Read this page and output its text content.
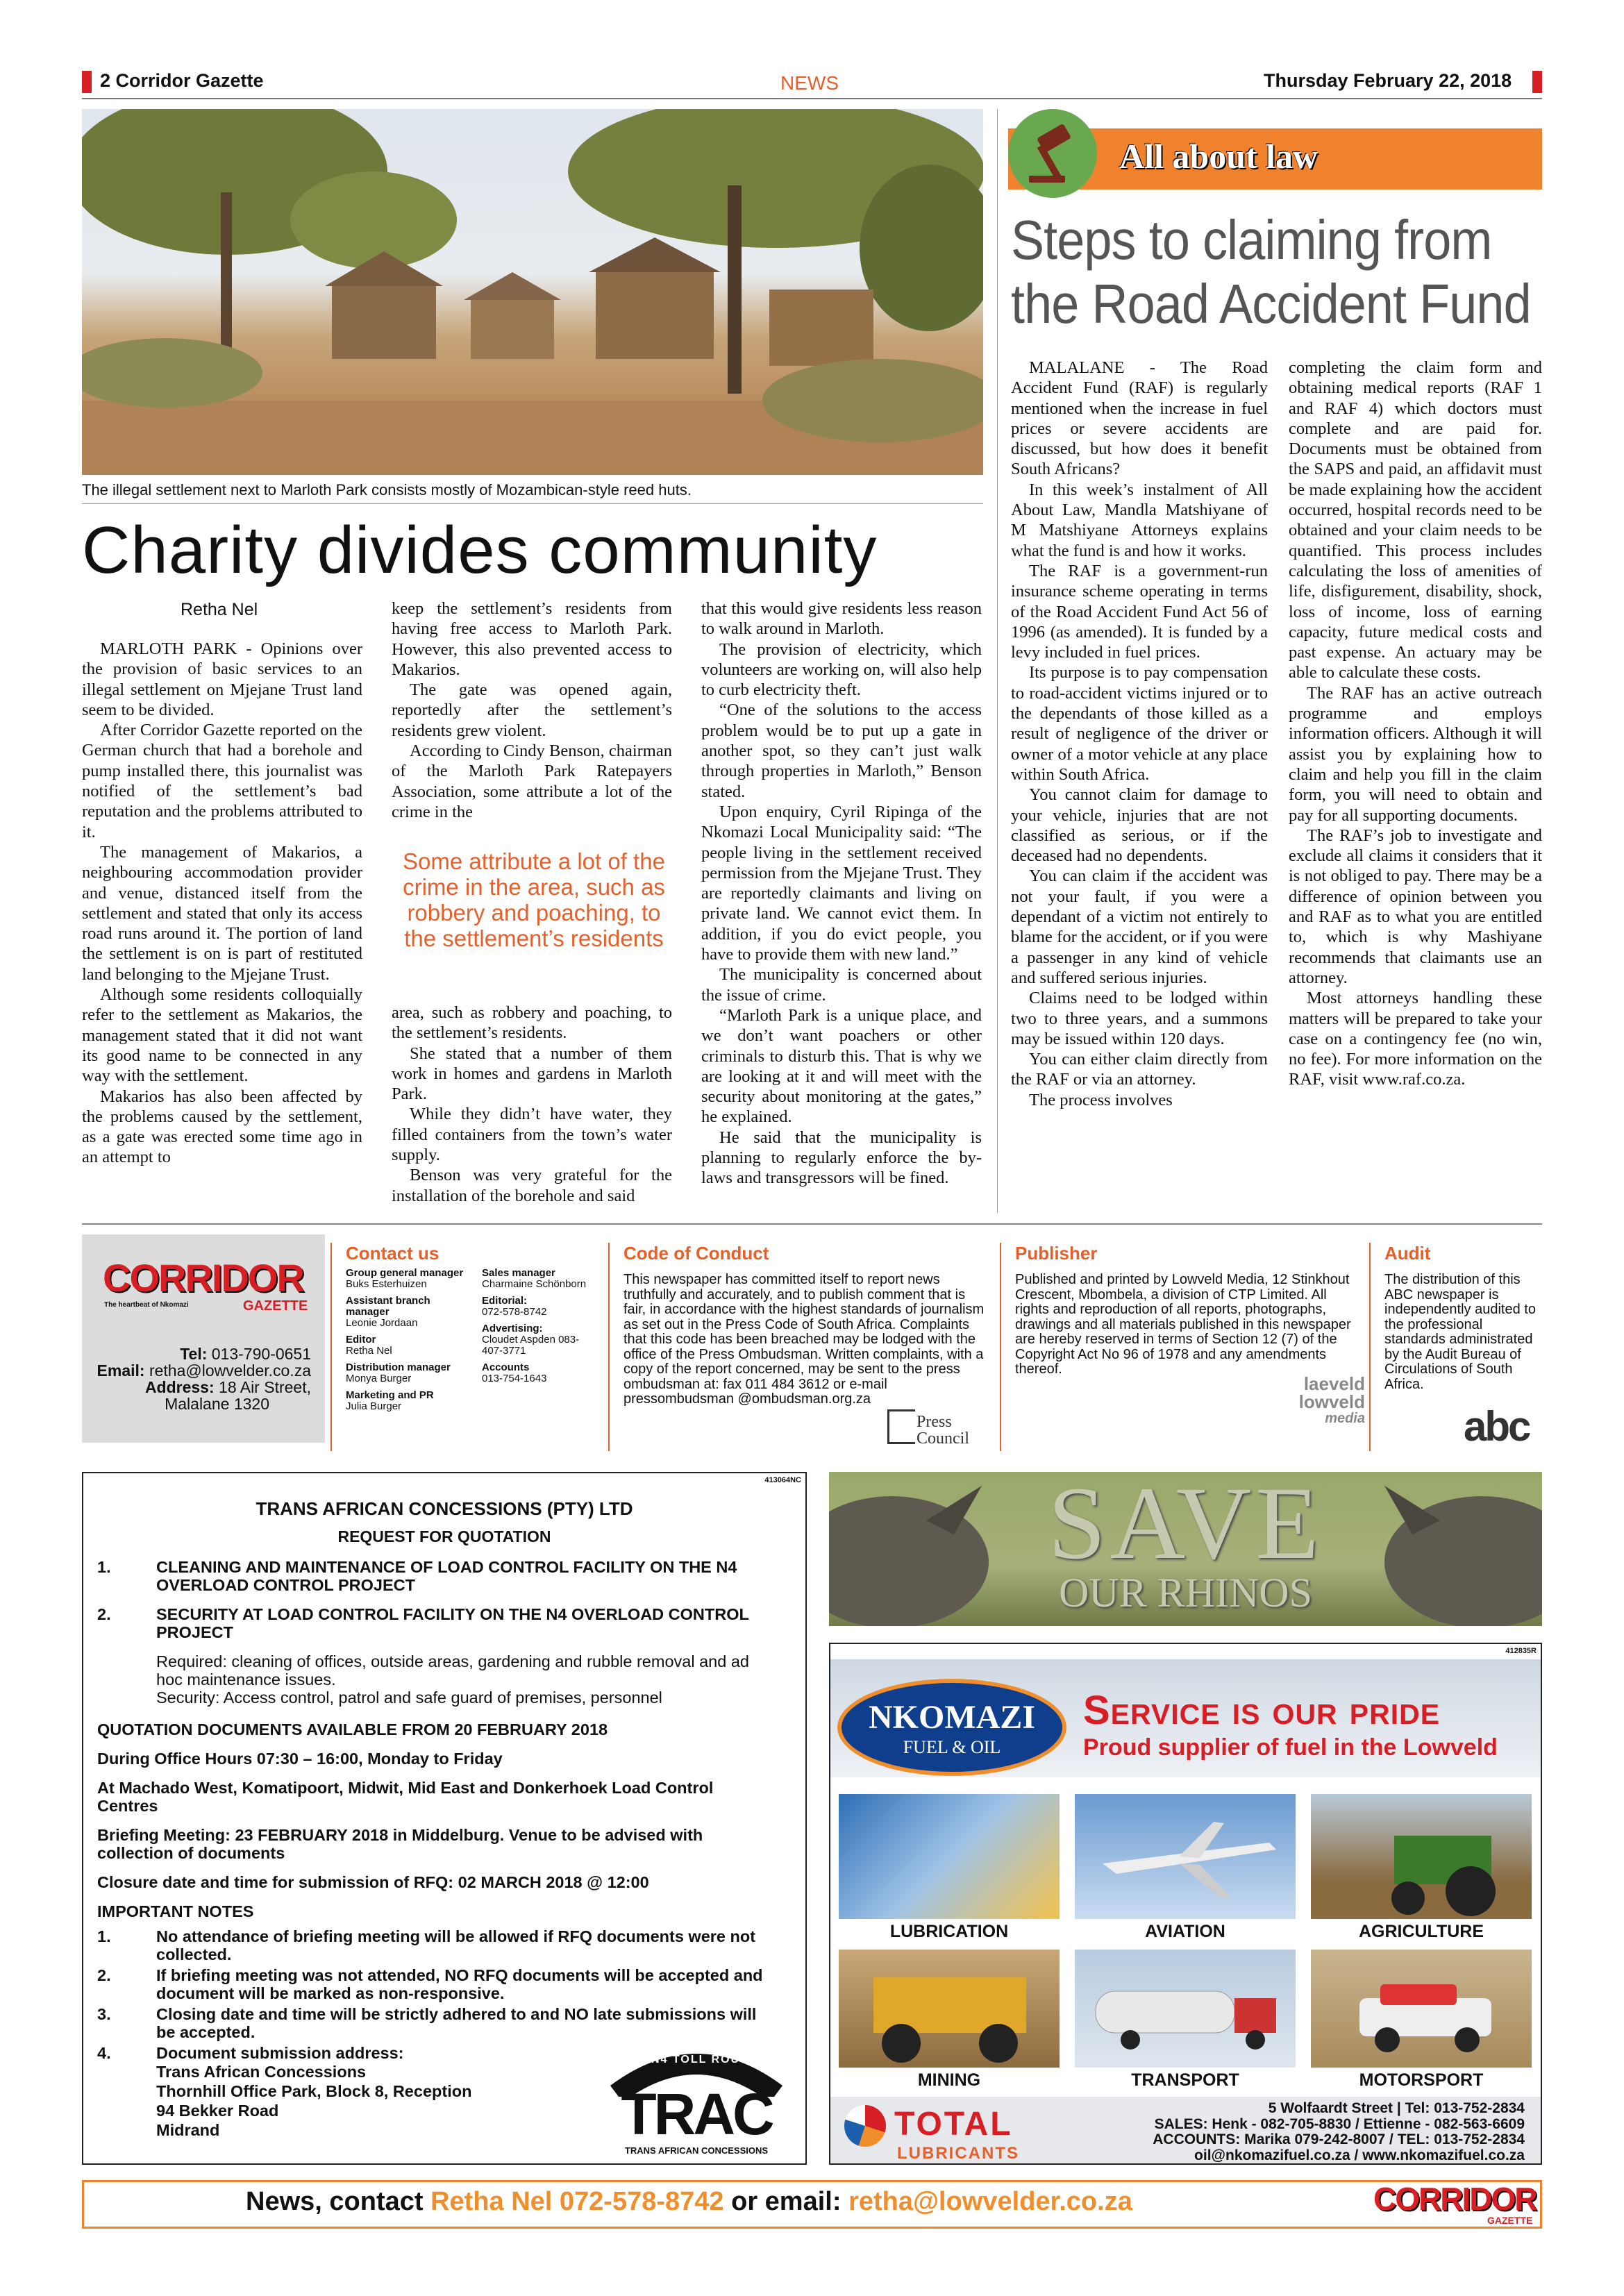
2 Corridor Gazette	NEWS	Thursday February 22, 2018
The illegal settlement next to Marloth Park consists mostly of Mozambican-style reed huts.
Charity divides community
Retha Nel

MARLOTH PARK - Opinions over the provision of basic services to an illegal settlement on Mjejane Trust land seem to be divided.

After Corridor Gazette reported on the German church that had a borehole and pump installed there, this journalist was notified of the settlement’s bad reputation and the problems attributed to it.

The management of Makarios, a neighbouring accommodation provider and venue, distanced itself from the settlement and stated that only its access road runs around it. The portion of land the settlement is on is part of restituted land belonging to the Mjejane Trust.

Although some residents colloquially refer to the settlement as Makarios, the management stated that it did not want its good name to be connected in any way with the settlement.

Makarios has also been affected by the problems caused by the settlement, as a gate was erected some time ago in an attempt to

keep the settlement’s residents from having free access to Marloth Park. However, this also prevented access to Makarios.

The gate was opened again, reportedly after the settlement’s residents grew violent.

According to Cindy Benson, chairman of the Marloth Park Ratepayers Association, some attribute a lot of the crime in the

Some attribute a lot of the crime in the area, such as robbery and poaching, to the settlement’s residents

area, such as robbery and poaching, to the settlement’s residents.

She stated that a number of them work in homes and gardens in Marloth Park.

While they didn’t have water, they filled containers from the town’s water supply.

Benson was very grateful for the installation of the borehole and said

that this would give residents less reason to walk around in Marloth.

The provision of electricity, which volunteers are working on, will also help to curb electricity theft.

“One of the solutions to the access problem would be to put up a gate in another spot, so they can’t just walk through properties in Marloth,” Benson stated.

Upon enquiry, Cyril Ripinga of the Nkomazi Local Municipality said: “The people living in the settlement received permission from the Mjejane Trust. They are reportedly claimants and living on private land. We cannot evict them. In addition, if you do evict people, you have to provide them with new land.”

The municipality is concerned about the issue of crime.

“Marloth Park is a unique place, and we don’t want poachers or other criminals to disturb this. That is why we are looking at it and will meet with the security about monitoring at the gates,” he explained.

He said that the municipality is planning to regularly enforce the by-laws and transgressors will be fined.

All about law
Steps to claiming from
the Road Accident Fund

MALALANE - The Road Accident Fund (RAF) is regularly mentioned when the increase in fuel prices or severe accidents are discussed, but how does it benefit South Africans?

In this week’s instalment of All About Law, Mandla Matshiyane of M Matshiyane Attorneys explains what the fund is and how it works.

The RAF is a government-run insurance scheme operating in terms of the Road Accident Fund Act 56 of 1996 (as amended). It is funded by a levy included in fuel prices.

Its purpose is to pay compensation to road-accident victims injured or to the dependants of those killed as a result of negligence of the driver or owner of a motor vehicle at any place within South Africa.

You cannot claim for damage to your vehicle, injuries that are not classified as serious, or if the deceased had no dependents.

You can claim if the accident was not your fault, if you were a dependant of a victim not entirely to blame for the accident, or if you were a passenger in any kind of vehicle and suffered serious injuries.

Claims need to be lodged within two to three years, and a summons may be issued within 120 days.

You can either claim directly from the RAF or via an attorney.

The process involves

completing the claim form and obtaining medical reports (RAF 1 and RAF 4) which doctors must complete and are paid for. Documents must be obtained from the SAPS and paid, an affidavit must be made explaining how the accident occurred, hospital records need to be obtained and your claim needs to be quantified. This process includes calculating the loss of amenities of life, disfigurement, disability, shock, loss of income, loss of earning capacity, future medical costs and past expense. An actuary may be able to calculate these costs.

The RAF has an active outreach programme and employs information officers. Although it will assist you by explaining how to claim and help you fill in the claim form, you will need to obtain and pay for all supporting documents.

The RAF’s job to investigate and exclude all claims it considers that it is not obliged to pay. There may be a difference of opinion between you and RAF as to what you are entitled to, which is why Mashiyane recommends that claimants use an attorney.

Most attorneys handling these matters will be prepared to take your case on a contingency fee (no win, no fee). For more information on the RAF, visit www.raf.co.za.

CORRIDOR
GAZETTE
The heartbeat of Nkomazi
Tel: 013-790-0651
Email: retha@lowvelder.co.za
Address: 18 Air Street,
Malalane 1320
Contact us
Group general manager
Buks Esterhuizen
Assistant branch manager
Leonie Jordaan
Editor
Retha Nel
Distribution manager
Monya Burger
Marketing and PR
Julia Burger
Sales manager
Charmaine Schönborn
Editorial:
072-578-8742
Advertising:
Cloudet Aspden 083-407-3771
Accounts
013-754-1643
Code of Conduct
This newspaper has committed itself to report news truthfully and accurately, and to publish comment that is fair, in accordance with the highest standards of journalism as set out in the Press Code of South Africa. Complaints that this code has been breached may be lodged with the office of the Press Ombudsman. Written complaints, with a copy of the report concerned, may be sent to the press ombudsman at: fax 011 484 3612 or e-mail pressombudsman @ombudsman.org.za
Press Council
Publisher
Published and printed by Lowveld Media, 12 Stinkhout Crescent, Mbombela, a division of CTP Limited. All rights and reproduction of all reports, photographs, drawings and all materials published in this newspaper are hereby reserved in terms of Section 12 (7) of the Copyright Act No 96 of 1978 and any amendments thereof.
laeveld
lowveld
media
Audit
The distribution of this ABC newspaper is independently audited to the professional standards administrated by the Audit Bureau of Circulations of South Africa.
abc
413064NC
TRANS AFRICAN CONCESSIONS (PTY) LTD
REQUEST FOR QUOTATION
1.	CLEANING AND MAINTENANCE OF LOAD CONTROL FACILITY ON THE N4 OVERLOAD CONTROL PROJECT
2.	SECURITY AT LOAD CONTROL FACILITY ON THE N4 OVERLOAD CONTROL PROJECT
Required: cleaning of offices, outside areas, gardening and rubble removal and ad hoc maintenance issues.
Security: Access control, patrol and safe guard of premises, personnel
QUOTATION DOCUMENTS AVAILABLE FROM 20 FEBRUARY 2018
During Office Hours 07:30 – 16:00, Monday to Friday
At Machado West, Komatipoort, Midwit, Mid East and Donkerhoek Load Control Centres
Briefing Meeting: 23 FEBRUARY 2018 in Middelburg. Venue to be advised with collection of documents
Closure date and time for submission of RFQ: 02 MARCH 2018 @ 12:00
IMPORTANT NOTES
1.	No attendance of briefing meeting will be allowed if RFQ documents were not collected.
2.	If briefing meeting was not attended, NO RFQ documents will be accepted and document will be marked as non-responsive.
3.	Closing date and time will be strictly adhered to and NO late submissions will be accepted.
4.	Document submission address:
Trans African Concessions
Thornhill Office Park, Block 8, Reception
94 Bekker Road
Midrand
N4 TOLL ROUTE
TRAC
TRANS AFRICAN CONCESSIONS
SAVE
OUR RHINOS
412835R
NKOMAZI
FUEL & OIL
Service is our pride
Proud supplier of fuel in the Lowveld
LUBRICATION	AVIATION	AGRICULTURE
MINING	TRANSPORT	MOTORSPORT
TOTAL
LUBRICANTS
5 Wolfaardt Street | Tel: 013-752-2834
SALES: Henk - 082-705-8830 / Ettienne - 082-563-6609
ACCOUNTS: Marika 079-242-8007 / TEL: 013-752-2834
oil@nkomazifuel.co.za / www.nkomazifuel.co.za
News, contact Retha Nel 072-578-8742 or email: retha@lowvelder.co.za	CORRIDOR
GAZETTE
